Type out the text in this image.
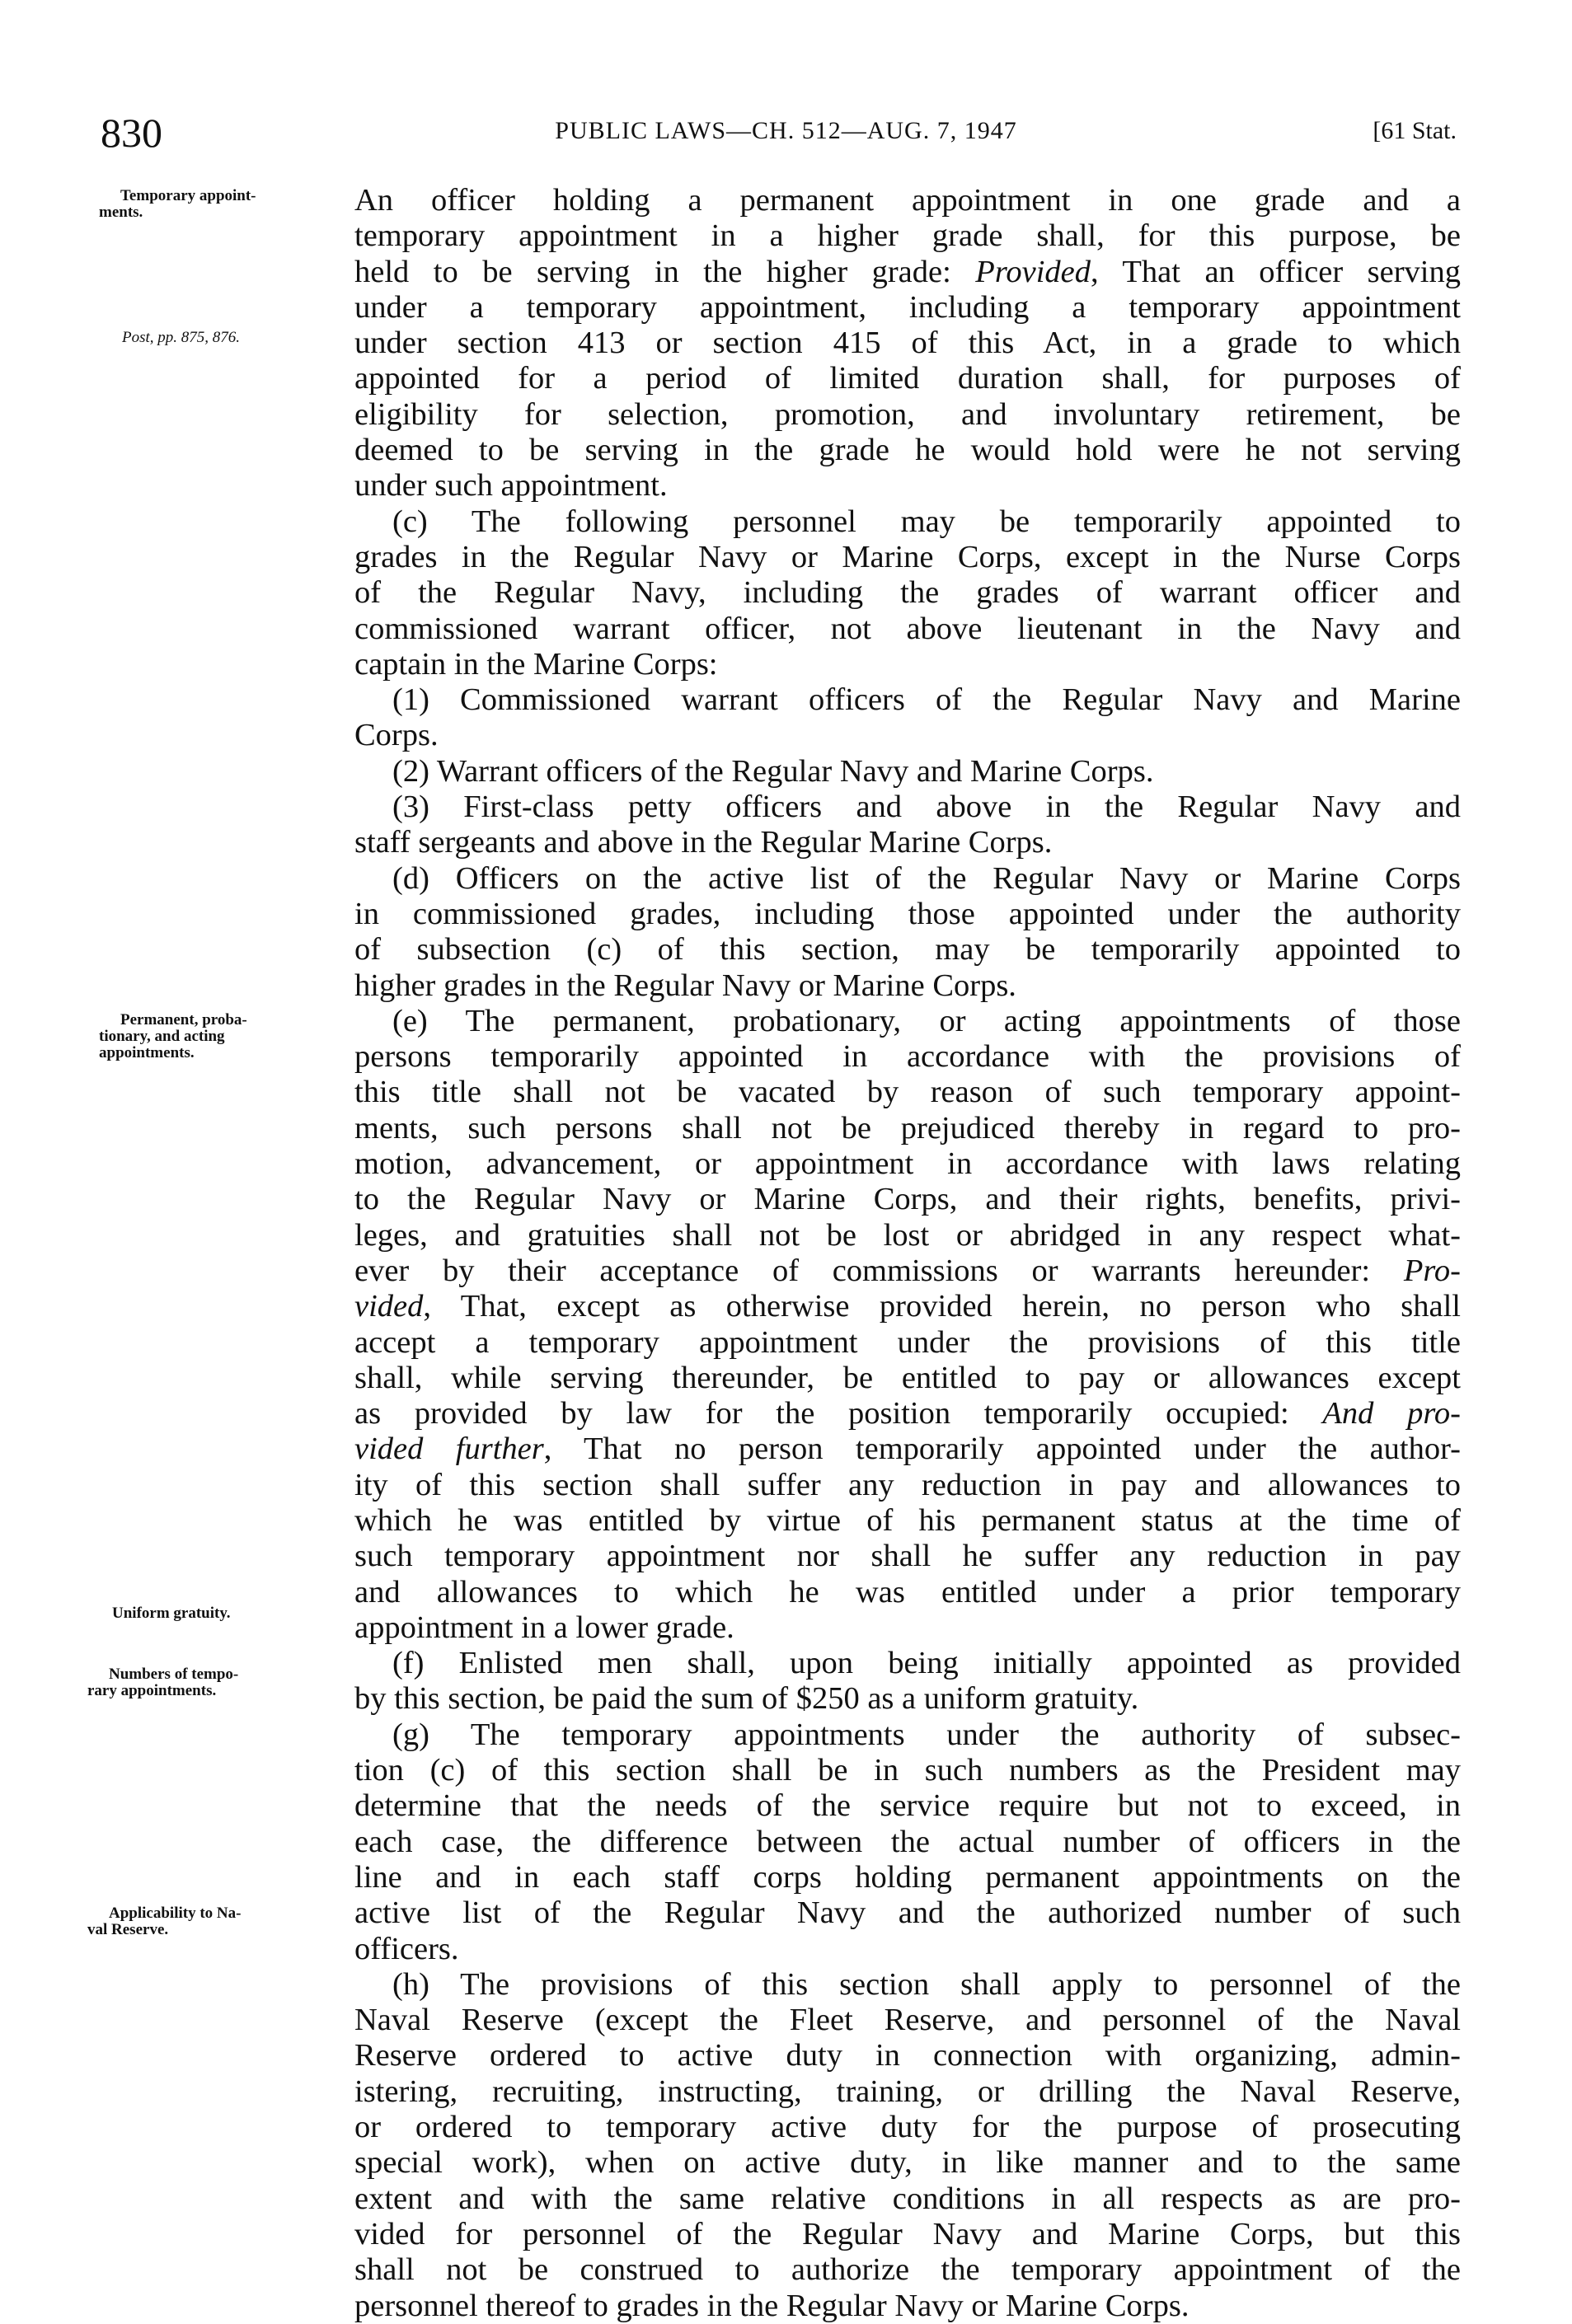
830	PUBLIC LAWS—CH. 512—AUG. 7, 1947	[61 Stat.
Temporary appoint-
ments.
Post, pp. 875, 876.
Permanent, proba-
tionary, and acting
appointments.
Uniform gratuity.
Numbers of tempo-
rary appointments.
Applicability to Na-
val Reserve.
An officer holding a permanent appointment in one grade and a
temporary appointment in a higher grade shall, for this purpose, be
held to be serving in the higher grade: Provided, That an officer serving
under a temporary appointment, including a temporary appointment
under section 413 or section 415 of this Act, in a grade to which
appointed for a period of limited duration shall, for purposes of
eligibility for selection, promotion, and involuntary retirement, be
deemed to be serving in the grade he would hold were he not serving
under such appointment.
(c) The following personnel may be temporarily appointed to
grades in the Regular Navy or Marine Corps, except in the Nurse Corps
of the Regular Navy, including the grades of warrant officer and
commissioned warrant officer, not above lieutenant in the Navy and
captain in the Marine Corps:
(1) Commissioned warrant officers of the Regular Navy and Marine
Corps.
(2) Warrant officers of the Regular Navy and Marine Corps.
(3) First-class petty officers and above in the Regular Navy and
staff sergeants and above in the Regular Marine Corps.
(d) Officers on the active list of the Regular Navy or Marine Corps
in commissioned grades, including those appointed under the authority
of subsection (c) of this section, may be temporarily appointed to
higher grades in the Regular Navy or Marine Corps.
(e) The permanent, probationary, or acting appointments of those
persons temporarily appointed in accordance with the provisions of
this title shall not be vacated by reason of such temporary appoint-
ments, such persons shall not be prejudiced thereby in regard to pro-
motion, advancement, or appointment in accordance with laws relating
to the Regular Navy or Marine Corps, and their rights, benefits, privi-
leges, and gratuities shall not be lost or abridged in any respect what-
ever by their acceptance of commissions or warrants hereunder: Pro-
vided, That, except as otherwise provided herein, no person who shall
accept a temporary appointment under the provisions of this title
shall, while serving thereunder, be entitled to pay or allowances except
as provided by law for the position temporarily occupied: And pro-
vided further, That no person temporarily appointed under the author-
ity of this section shall suffer any reduction in pay and allowances to
which he was entitled by virtue of his permanent status at the time of
such temporary appointment nor shall he suffer any reduction in pay
and allowances to which he was entitled under a prior temporary
appointment in a lower grade.
(f) Enlisted men shall, upon being initially appointed as provided
by this section, be paid the sum of $250 as a uniform gratuity.
(g) The temporary appointments under the authority of subsec-
tion (c) of this section shall be in such numbers as the President may
determine that the needs of the service require but not to exceed, in
each case, the difference between the actual number of officers in the
line and in each staff corps holding permanent appointments on the
active list of the Regular Navy and the authorized number of such
officers.
(h) The provisions of this section shall apply to personnel of the
Naval Reserve (except the Fleet Reserve, and personnel of the Naval
Reserve ordered to active duty in connection with organizing, admin-
istering, recruiting, instructing, training, or drilling the Naval Reserve,
or ordered to temporary active duty for the purpose of prosecuting
special work), when on active duty, in like manner and to the same
extent and with the same relative conditions in all respects as are pro-
vided for personnel of the Regular Navy and Marine Corps, but this
shall not be construed to authorize the temporary appointment of the
personnel thereof to grades in the Regular Navy or Marine Corps.
